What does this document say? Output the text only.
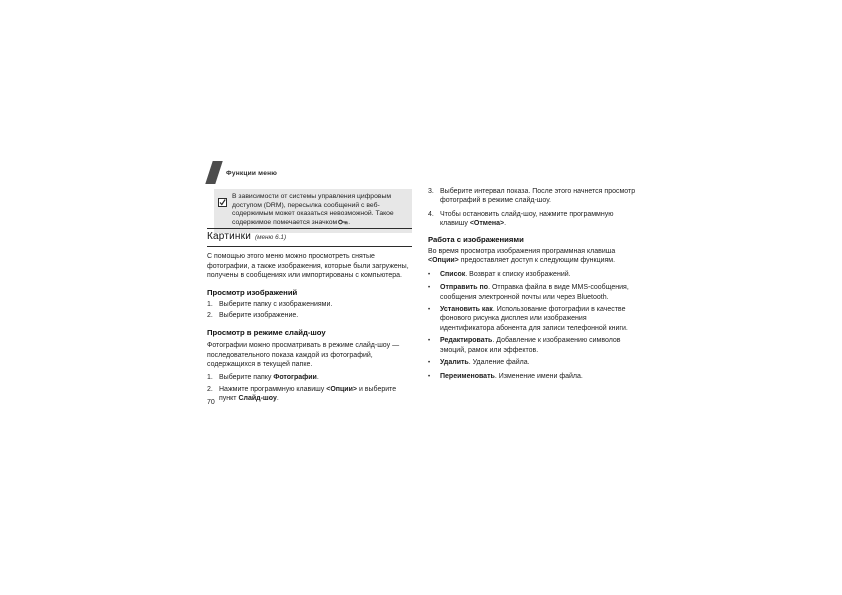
Функции меню
В зависимости от системы управления цифровым доступом (DRM), пересылка сообщений с веб-содержимым может оказаться невозможной. Такое содержимое помечается значком .
Картинки (меню 6.1)
С помощью этого меню можно просмотреть снятые фотографии, а также изображения, которые были загружены, получены в сообщениях или импортированы с компьютера.
Просмотр изображений
1. Выберите папку с изображениями.
2. Выберите изображение.
Просмотр в режиме слайд-шоу
Фотографии можно просматривать в режиме слайд-шоу — последовательного показа каждой из фотографий, содержащихся в текущей папке.
1. Выберите папку Фотографии.
2. Нажмите программную клавишу <Опции> и выберите пункт Слайд-шоу.
3. Выберите интервал показа. После этого начнется просмотр фотографий в режиме слайд-шоу.
4. Чтобы остановить слайд-шоу, нажмите программную клавишу <Отмена>.
Работа с изображениями
Во время просмотра изображения программная клавиша <Опции> предоставляет доступ к следующим функциям.
•	Список. Возврат к списку изображений.
•	Отправить по. Отправка файла в виде MMS-сообщения, сообщения электронной почты или через Bluetooth.
•	Установить как. Использование фотографии в качестве фонового рисунка дисплея или изображения идентификатора абонента для записи телефонной книги.
•	Редактировать. Добавление к изображению символов эмоций, рамок или эффектов.
•	Удалить. Удаление файла.
•	Переименовать. Изменение имени файла.
70
